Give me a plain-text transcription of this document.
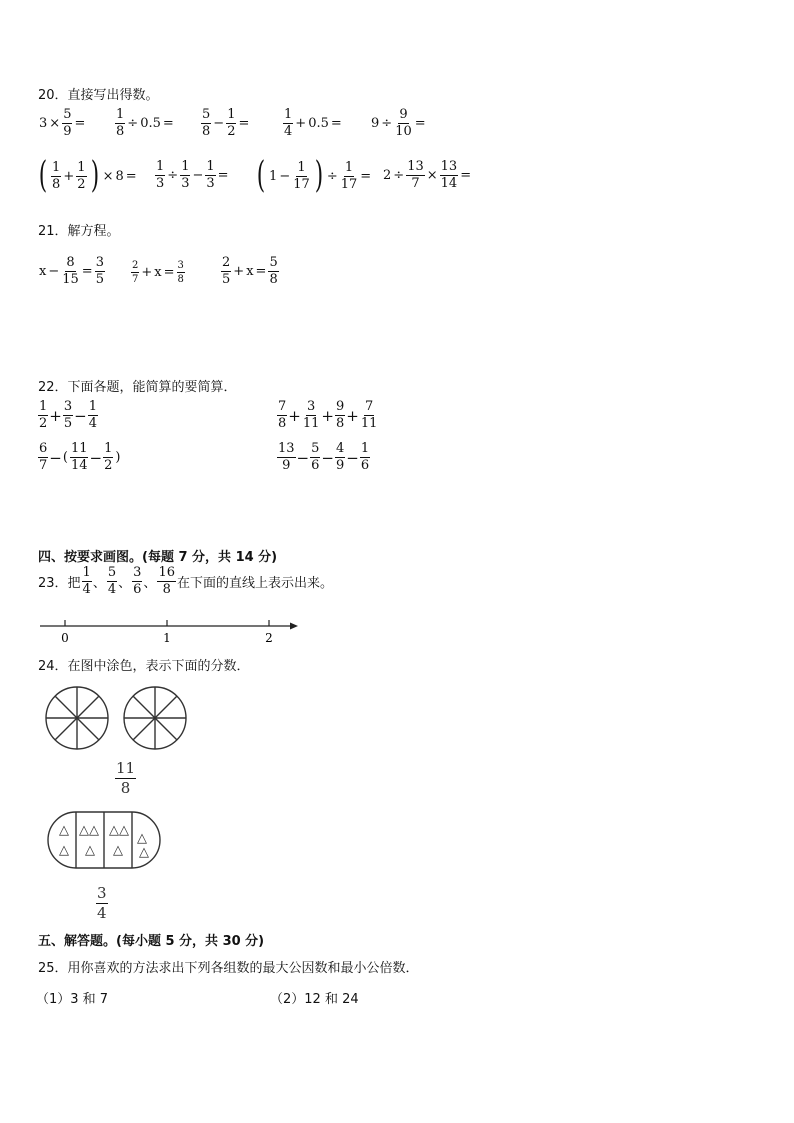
20．直接写出得数。
$3 \times \frac{5}{9} = \frac{1}{8} \div 0.5 = \frac{5}{8} - \frac{1}{2}$ =	$\frac{1}{4} + 0.5 = 9 \div \frac{9}{10}$ =
( $\frac{1}{8} + \frac{1}{2}$ ) × $8 = \frac{1}{3} \div \frac{1}{3} - \frac{1}{3}$ = ( $1 - \frac{1}{17}$ ) ÷ $\frac{1}{17} = 2 \div \frac{13}{7} \times \frac{13}{14}$ =
21．解方程。
$x - \frac{8}{15} = \frac{3}{5}$	$\frac{2}{7} + x = \frac{3}{8}$	$\frac{2}{5} + x = \frac{5}{8}$
22．下面各题，能简算的要简算．
$\frac{1}{2} + \frac{3}{5} - \frac{1}{4}$	$\frac{7}{8} + \frac{3}{11} + \frac{9}{8} + \frac{7}{11}$
$\frac{6}{7}$ − ( $\frac{11}{14} - \frac{1}{2}$ )	$\frac{13}{9} - \frac{5}{6} - \frac{4}{9} - \frac{1}{6}$
四、按要求画图。(每题 7 分，共 14 分)
23．把 $\frac{1}{4}$ 、 $\frac{5}{4}$ 、 $\frac{3}{6}$ 、 $\frac{16}{8}$ 在下面的直线上表示出来。
0	1	2
24．在图中涂色，表示下面的分数．
$\frac{11}{8}$
△
△
△ △
△
△ △
△
△
△
$\frac{3}{4}$
五、解答题。(每小题 5 分，共 30 分)
25．用你喜欢的方法求出下列各组数的最大公因数和最小公倍数．
（1）3 和 7	（2）12 和 24
